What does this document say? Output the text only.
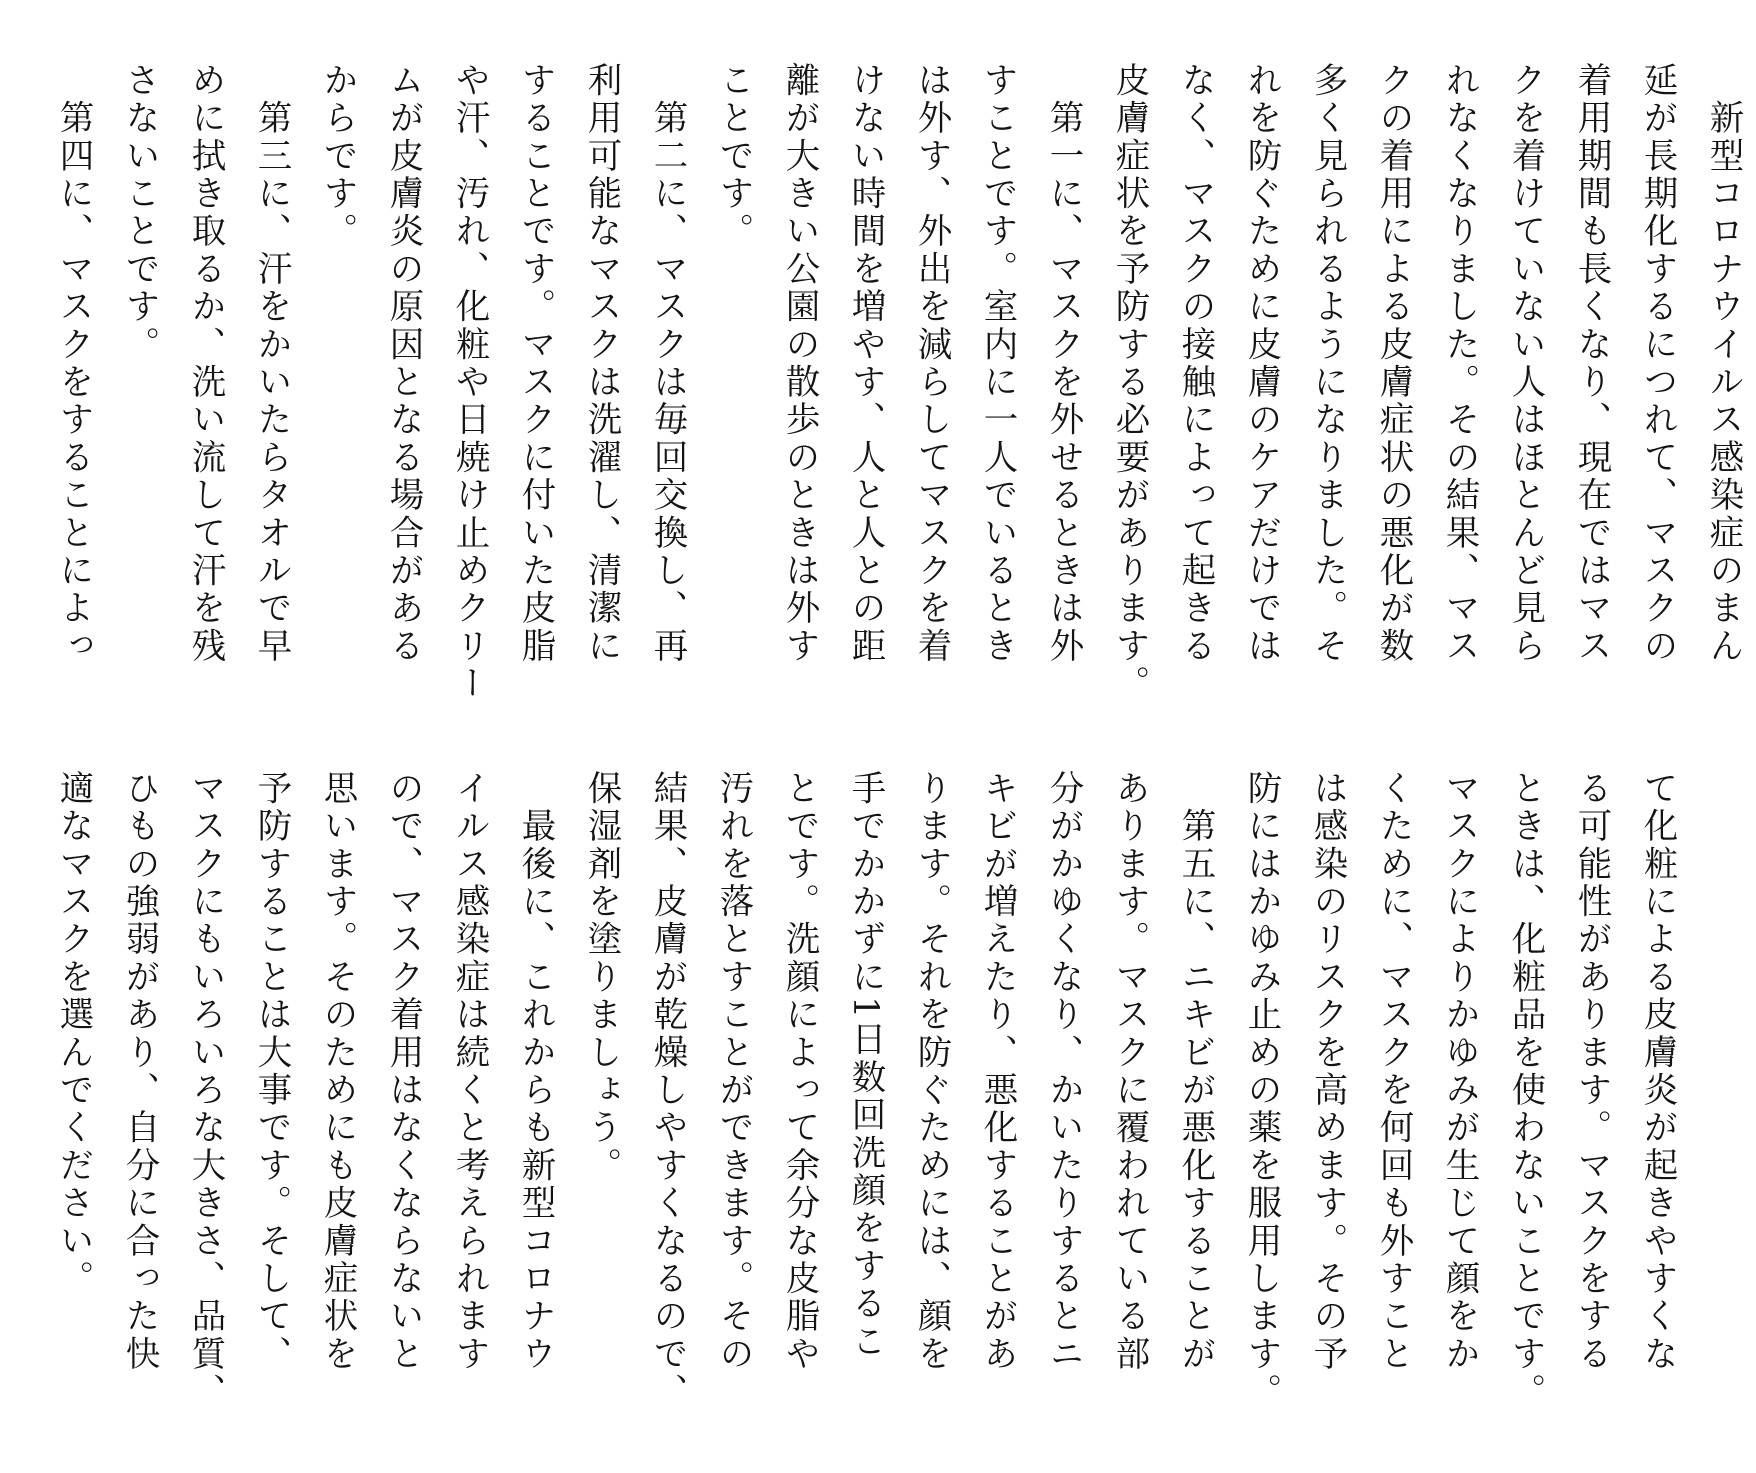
　新型コロナウイルス感染症のまん
延が長期化するにつれて、マスクの
着用期間も長くなり、現在ではマス
クを着けていない人はほとんど見ら
れなくなりました。その結果、マス
クの着用による皮膚症状の悪化が数
多く見られるようになりました。そ
れを防ぐために皮膚のケアだけでは
なく、マスクの接触によって起きる
皮膚症状を予防する必要があります。
　第一に、マスクを外せるときは外
すことです。室内に一人でいるとき
は外す、外出を減らしてマスクを着
けない時間を増やす、人と人との距
離が大きい公園の散歩のときは外す
ことです。
　第二に、マスクは毎回交換し、再
利用可能なマスクは洗濯し、清潔に
することです。マスクに付いた皮脂
や汗、汚れ、化粧や日焼け止めクリー
ムが皮膚炎の原因となる場合がある
からです。
　第三に、汗をかいたらタオルで早
めに拭き取るか、洗い流して汗を残
さないことです。
　第四に、マスクをすることによっ

て化粧による皮膚炎が起きやすくな
る可能性があります。マスクをする
ときは、化粧品を使わないことです。
マスクによりかゆみが生じて顔をか
くために、マスクを何回も外すこと
は感染のリスクを高めます。その予
防にはかゆみ止めの薬を服用します。
　第五に、ニキビが悪化することが
あります。マスクに覆われている部
分がかゆくなり、かいたりするとニ
キビが増えたり、悪化することがあ
ります。それを防ぐためには、顔を
手でかかずに1日数回洗顔をするこ
とです。洗顔によって余分な皮脂や
汚れを落とすことができます。その
結果、皮膚が乾燥しやすくなるので、
保湿剤を塗りましょう。
　最後に、これからも新型コロナウ
イルス感染症は続くと考えられます
ので、マスク着用はなくならないと
思います。そのためにも皮膚症状を
予防することは大事です。そして、
マスクにもいろいろな大きさ、品質、
ひもの強弱があり、自分に合った快
適なマスクを選んでください。
